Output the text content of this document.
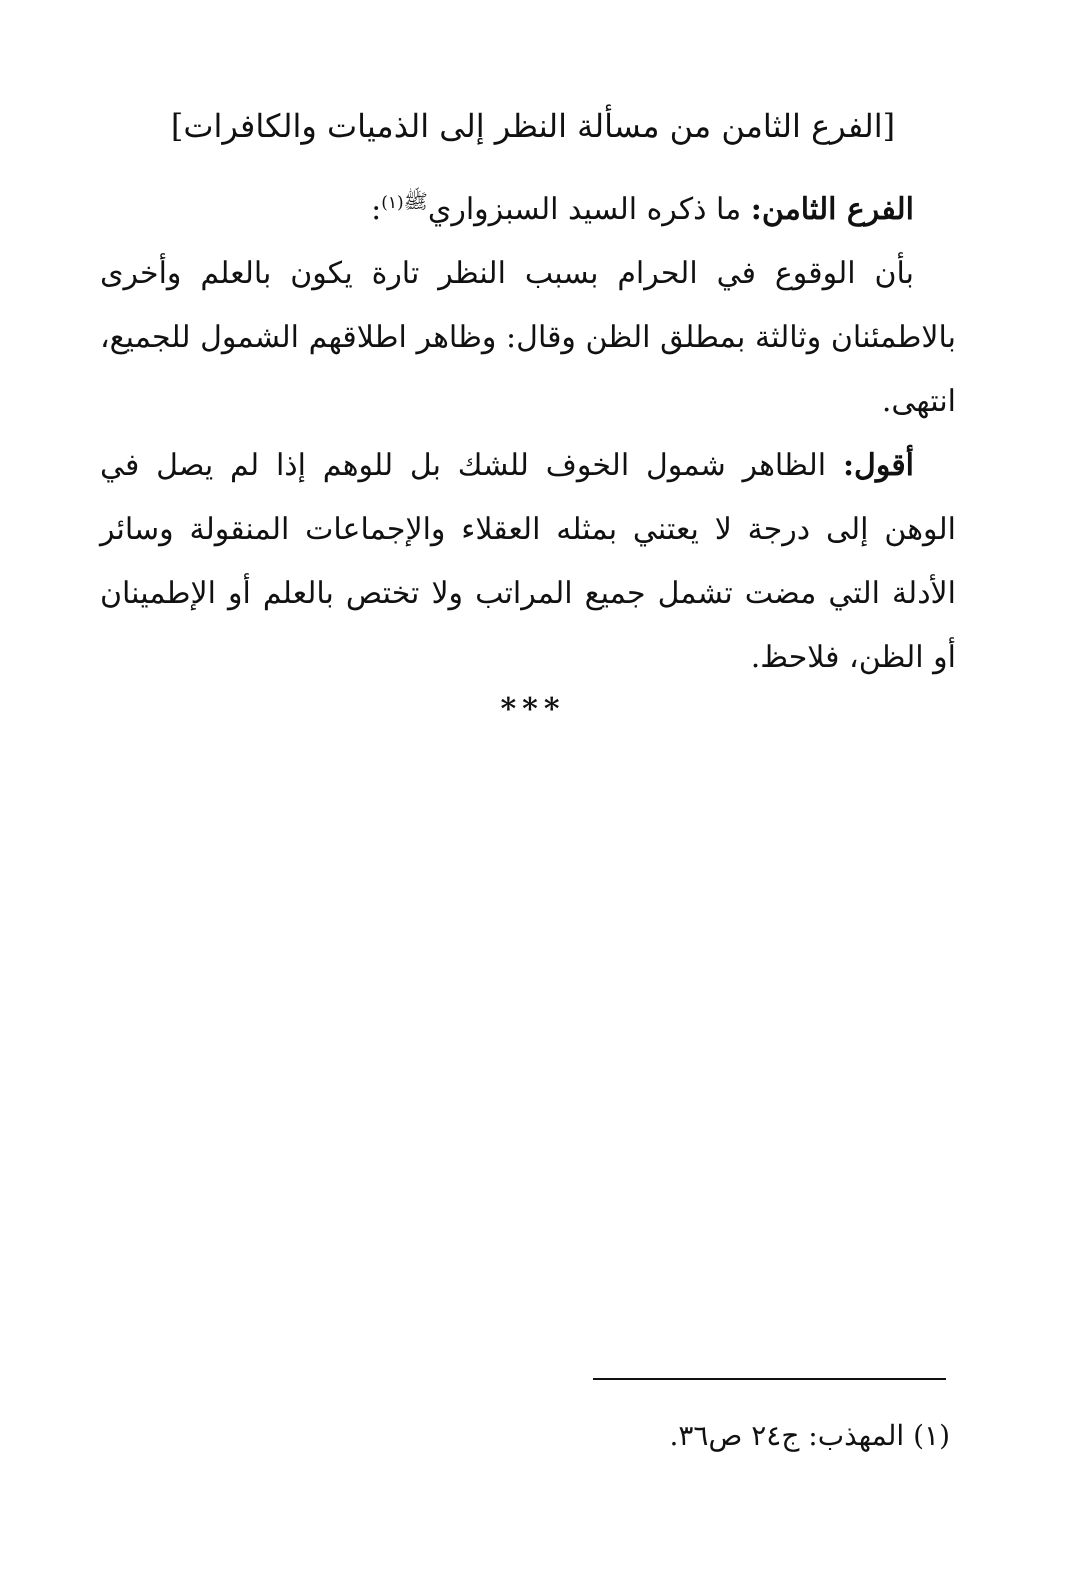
[الفرع الثامن من مسألة النظر إلى الذميات والكافرات]

الفرع الثامن: ما ذكره السيد السبزواري$^{ﷺ(١)}$:

بأن الوقوع في الحرام بسبب النظر تارة يكون بالعلم وأخرى بالاطمئنان وثالثة بمطلق الظن وقال: وظاهر اطلاقهم الشمول للجميع، انتهى.

أقول: الظاهر شمول الخوف للشك بل للوهم إذا لم يصل في الوهن إلى درجة لا يعتني بمثله العقلاء والإجماعات المنقولة وسائر الأدلة التي مضت تشمل جميع المراتب ولا تختص بالعلم أو الإطمينان أو الظن، فلاحظ.

***
(١) المهذب: ج٢٤ ص٣٦.
